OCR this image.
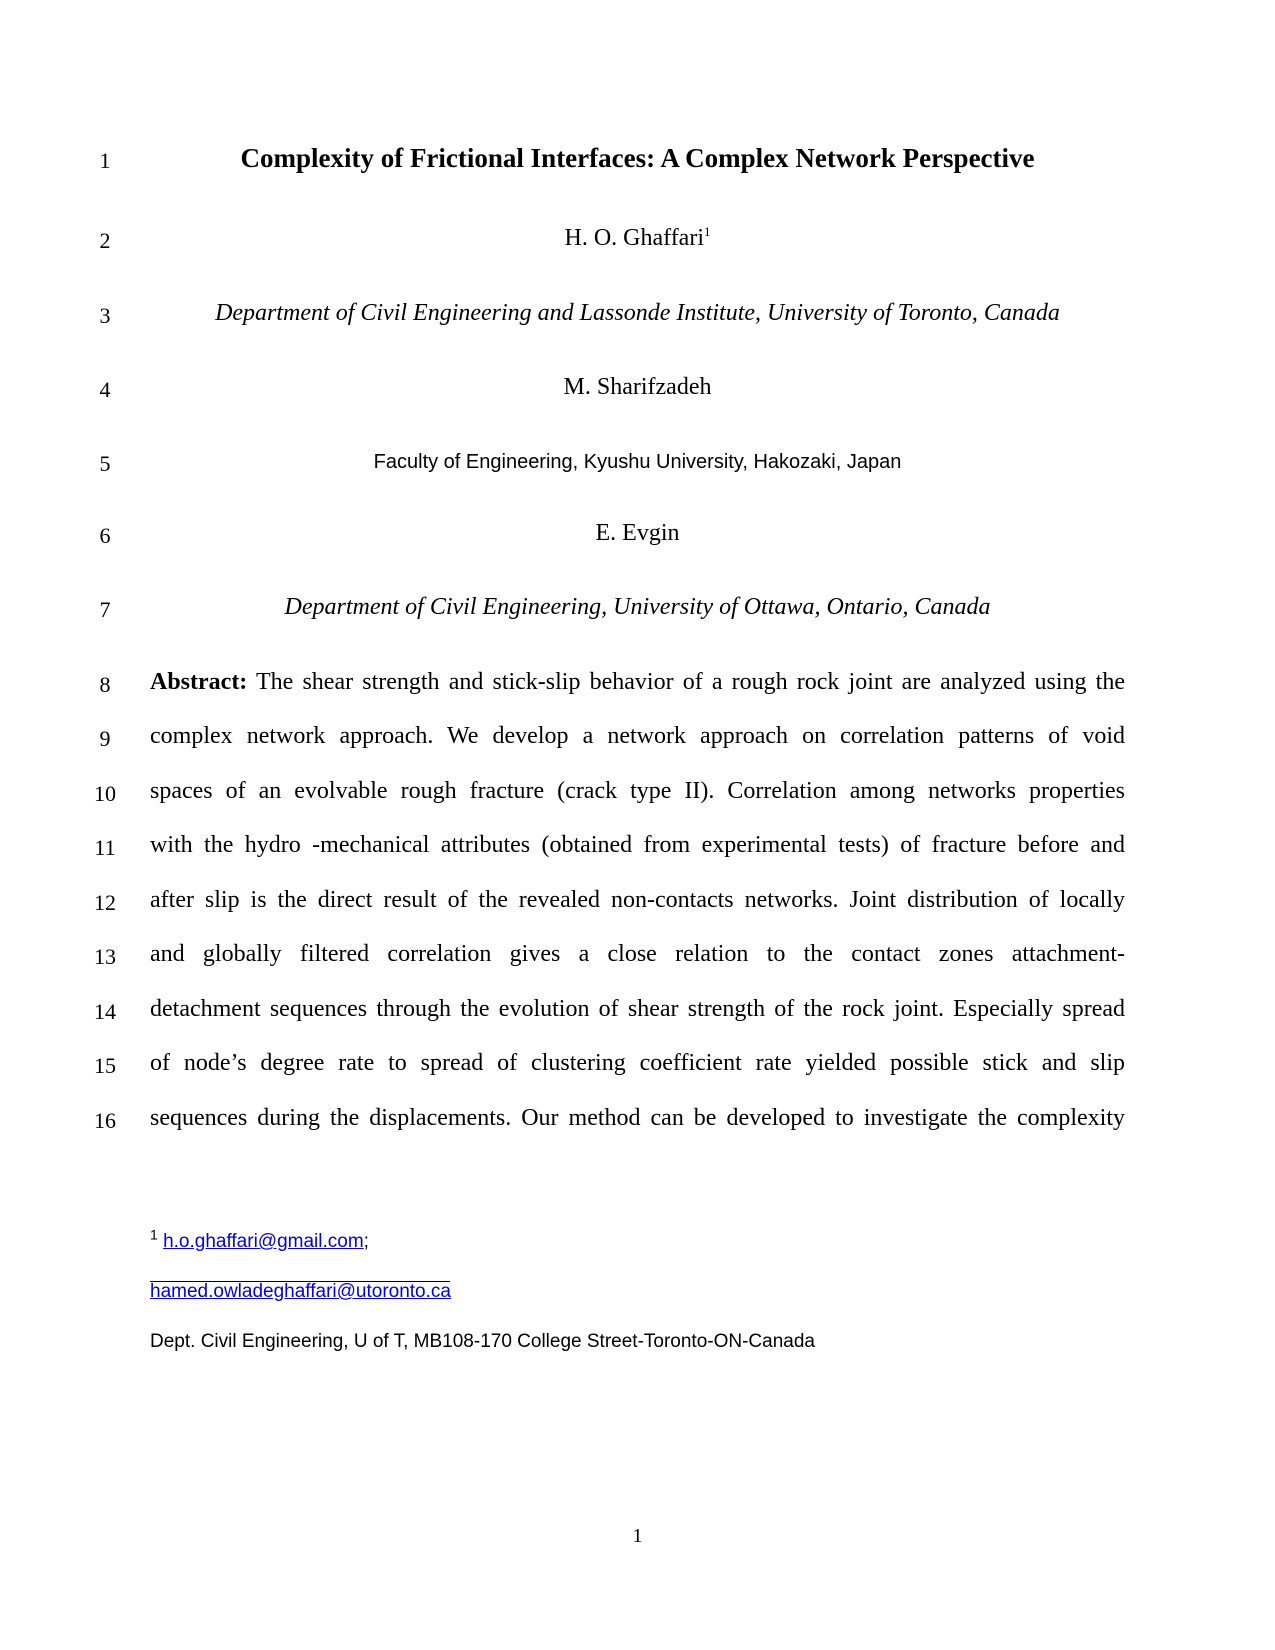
1
2
3
4
5
6
7
8
9
10
11
12
13
14
15
16
Complexity of Frictional Interfaces: A Complex Network Perspective
H. O. Ghaffari$^1$
Department of Civil Engineering and Lassonde Institute, University of Toronto, Canada
M. Sharifzadeh
Faculty of Engineering, Kyushu University, Hakozaki, Japan
E. Evgin
Department of Civil Engineering, University of Ottawa, Ontario, Canada
Abstract: The shear strength and stick-slip behavior of a rough rock joint are analyzed using the
complex network approach. We develop a network approach on correlation patterns of void
spaces of an evolvable rough fracture (crack type II). Correlation among networks properties
with the hydro -mechanical attributes (obtained from experimental tests) of fracture before and
after slip is the direct result of the revealed non-contacts networks. Joint distribution of locally
and globally filtered correlation gives a close relation to the contact zones attachment-
detachment sequences through the evolution of shear strength of the rock joint. Especially spread
of node’s degree rate to spread of clustering coefficient rate yielded possible stick and slip
sequences during the displacements. Our method can be developed to investigate the complexity
$^1$ h.o.ghaffari@gmail.com;
hamed.owladeghaffari@utoronto.ca
Dept. Civil Engineering, U of T, MB108-170 College Street-Toronto-ON-Canada
1
